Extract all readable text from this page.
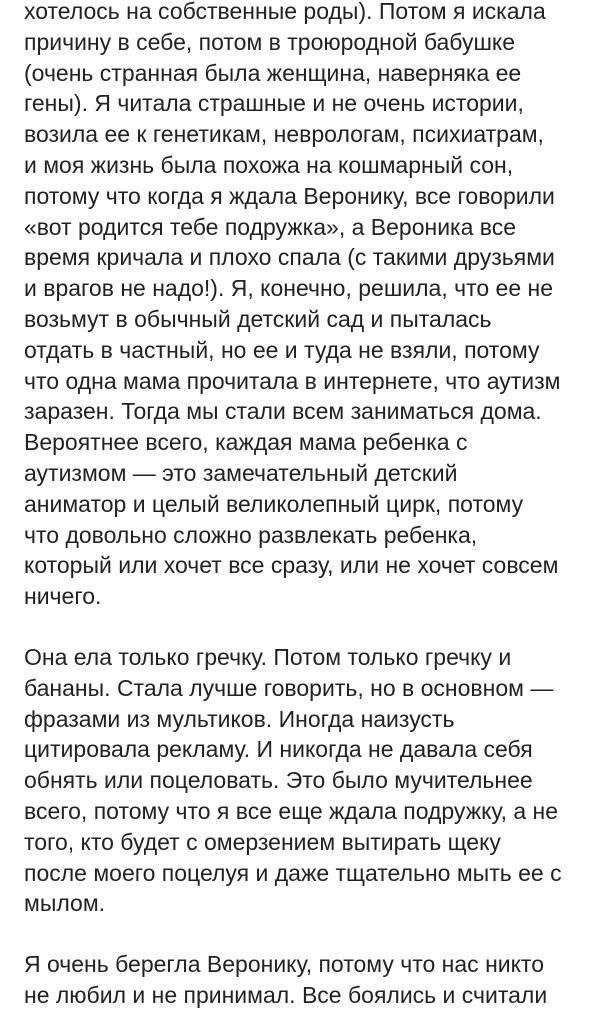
хотелось на собственные роды). Потом я искала
причину в себе, потом в троюродной бабушке
(очень странная была женщина, наверняка ее
гены). Я читала страшные и не очень истории,
возила ее к генетикам, неврологам, психиатрам,
и моя жизнь была похожа на кошмарный сон,
потому что когда я ждала Веронику, все говорили
«вот родится тебе подружка», а Вероника все
время кричала и плохо спала (с такими друзьями
и врагов не надо!). Я, конечно, решила, что ее не
возьмут в обычный детский сад и пыталась
отдать в частный, но ее и туда не взяли, потому
что одна мама прочитала в интернете, что аутизм
заразен. Тогда мы стали всем заниматься дома.
Вероятнее всего, каждая мама ребенка с
аутизмом — это замечательный детский
аниматор и целый великолепный цирк, потому
что довольно сложно развлекать ребенка,
который или хочет все сразу, или не хочет совсем
ничего.
Она ела только гречку. Потом только гречку и
бананы. Стала лучше говорить, но в основном —
фразами из мультиков. Иногда наизусть
цитировала рекламу. И никогда не давала себя
обнять или поцеловать. Это было мучительнее
всего, потому что я все еще ждала подружку, а не
того, кто будет с омерзением вытирать щеку
после моего поцелуя и даже тщательно мыть ее с
мылом.
Я очень берегла Веронику, потому что нас никто
не любил и не принимал. Все боялись и считали
